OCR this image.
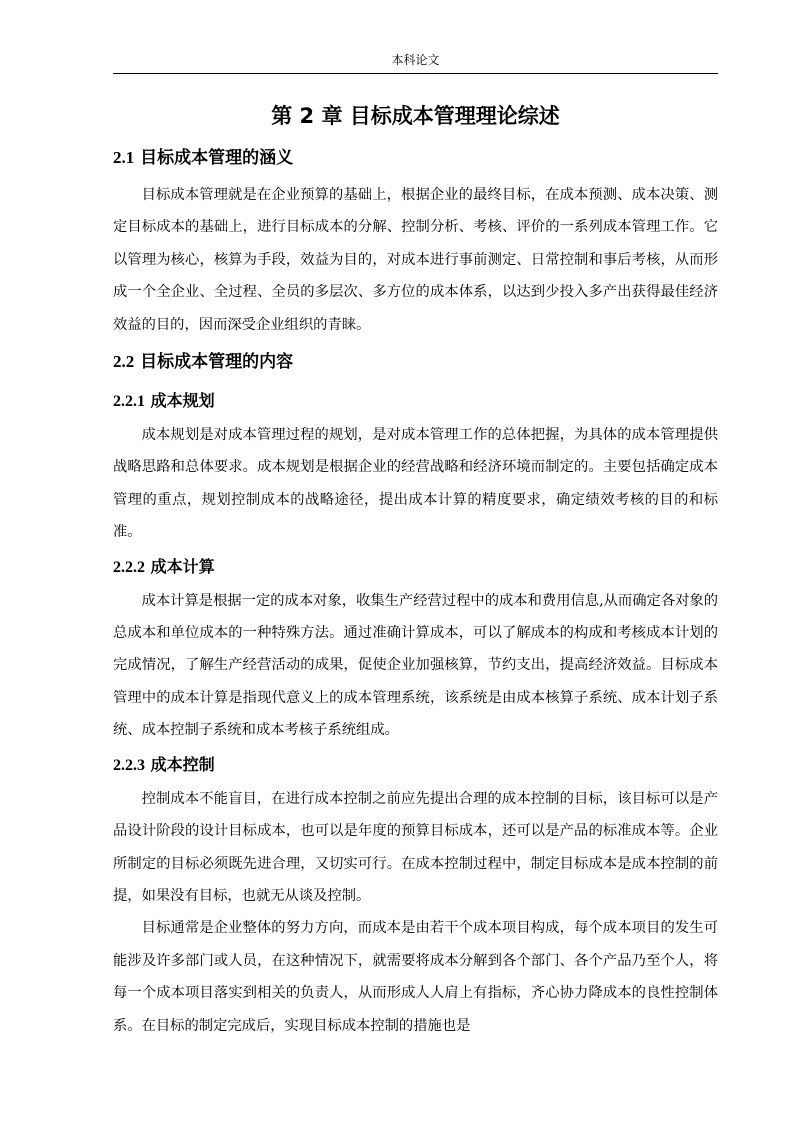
本科论文
第 2 章 目标成本管理理论综述
2.1 目标成本管理的涵义

目标成本管理就是在企业预算的基础上，根据企业的最终目标，在成本预测、成本决策、测定目标成本的基础上，进行目标成本的分解、控制分析、考核、评价的一系列成本管理工作。它以管理为核心，核算为手段，效益为目的，对成本进行事前测定、日常控制和事后考核，从而形成一个全企业、全过程、全员的多层次、多方位的成本体系，以达到少投入多产出获得最佳经济效益的目的，因而深受企业组织的青睐。

2.2 目标成本管理的内容
2.2.1 成本规划

成本规划是对成本管理过程的规划，是对成本管理工作的总体把握，为具体的成本管理提供战略思路和总体要求。成本规划是根据企业的经营战略和经济环境而制定的。主要包括确定成本管理的重点，规划控制成本的战略途径，提出成本计算的精度要求，确定绩效考核的目的和标准。

2.2.2 成本计算

成本计算是根据一定的成本对象，收集生产经营过程中的成本和费用信息,从而确定各对象的总成本和单位成本的一种特殊方法。通过准确计算成本，可以了解成本的构成和考核成本计划的完成情况，了解生产经营活动的成果，促使企业加强核算，节约支出，提高经济效益。目标成本管理中的成本计算是指现代意义上的成本管理系统，该系统是由成本核算子系统、成本计划子系统、成本控制子系统和成本考核子系统组成。

2.2.3 成本控制

控制成本不能盲目，在进行成本控制之前应先提出合理的成本控制的目标，该目标可以是产品设计阶段的设计目标成本，也可以是年度的预算目标成本，还可以是产品的标准成本等。企业所制定的目标必须既先进合理，又切实可行。在成本控制过程中，制定目标成本是成本控制的前提，如果没有目标，也就无从谈及控制。

目标通常是企业整体的努力方向，而成本是由若干个成本项目构成，每个成本项目的发生可能涉及许多部门或人员，在这种情况下，就需要将成本分解到各个部门、各个产品乃至个人，将每一个成本项目落实到相关的负责人，从而形成人人肩上有指标，齐心协力降成本的良性控制体系。在目标的制定完成后，实现目标成本控制的措施也是
